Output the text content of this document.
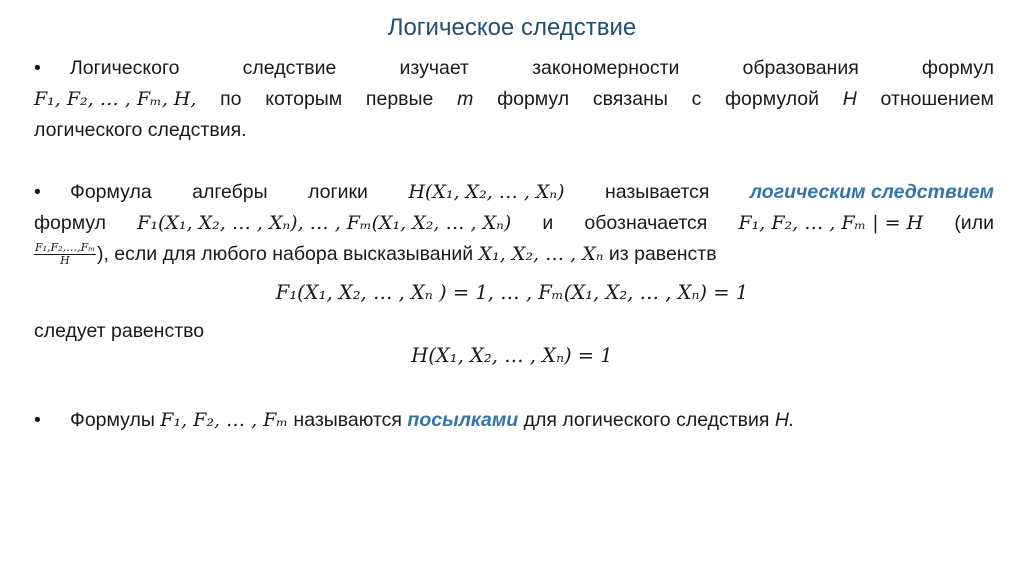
Логическое следствие
• Логического	следствие	изучает	закономерности	образования	формул
F₁, F₂, … , Fₘ, H, по которым первые m формул связаны с формулой H отношением
логического следствия.
• Формула алгебры логики H(X₁, X₂, … , Xₙ) называется логическим следствием
формул F₁(X₁, X₂, … , Xₙ), … , Fₘ(X₁, X₂, … , Xₙ) и обозначается F₁, F₂, … , Fₘ | = H (или
$\frac{\text{F₁,F₂,…,Fₘ}}{H}$ ), если для любого набора высказываний X₁, X₂, … , Xₙ из равенств
F₁(X₁, X₂, … , Xₙ ) = 1, … , Fₘ(X₁, X₂, … , Xₙ) = 1
следует равенство
H(X₁, X₂, … , Xₙ) = 1
• Формулы F₁, F₂, … , Fₘ называются посылками для логического следствия H.
